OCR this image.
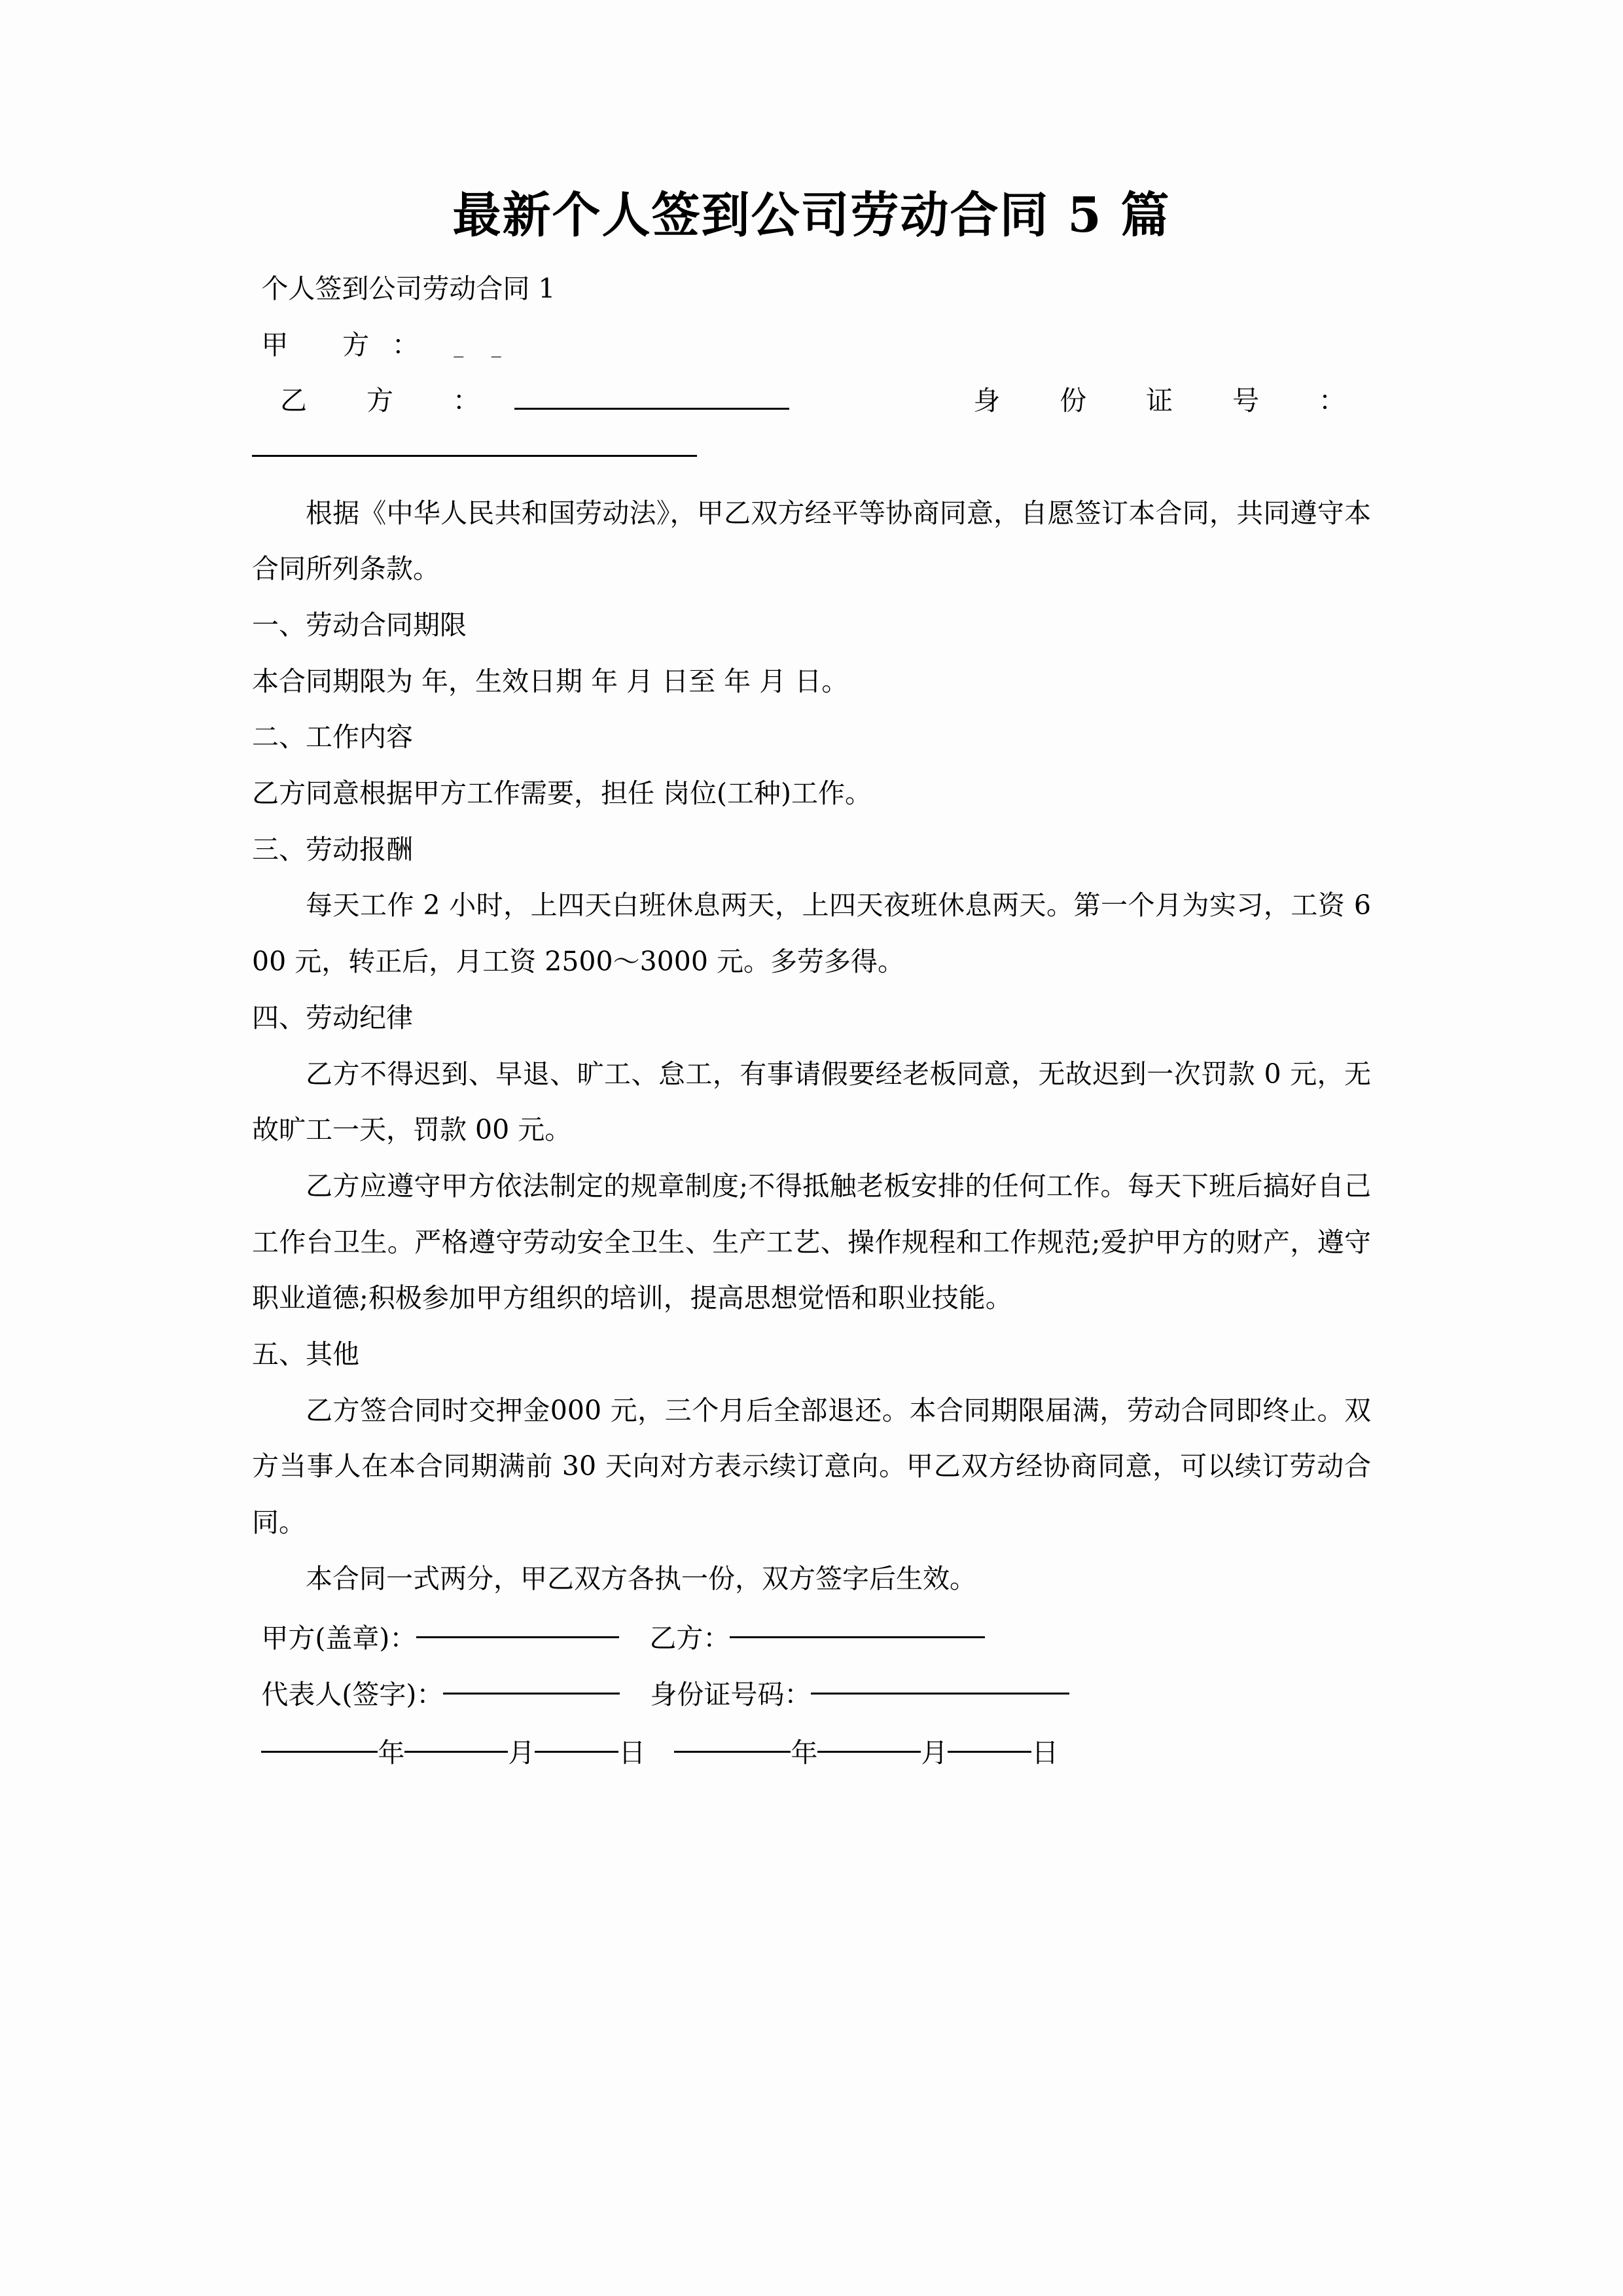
最新个人签到公司劳动合同 5 篇

个人签到公司劳动合同 1

甲 方： _ _

乙 方 ：	身 份 证 号 ：

根据《中华人民共和国劳动法》，甲乙双方经平等协商同意，自愿签订本合同，共同遵守本合同所列条款。

一、劳动合同期限

本合同期限为 年，生效日期 年 月 日至 年 月 日。

二、工作内容

乙方同意根据甲方工作需要，担任 岗位(工种)工作。

三、劳动报酬

每天工作 2 小时，上四天白班休息两天，上四天夜班休息两天。第一个月为实习，工资 600 元，转正后，月工资 2500～3000 元。多劳多得。

四、劳动纪律

乙方不得迟到、早退、旷工、怠工，有事请假要经老板同意，无故迟到一次罚款 0 元，无故旷工一天，罚款 00 元。

乙方应遵守甲方依法制定的规章制度;不得抵触老板安排的任何工作。每天下班后搞好自己工作台卫生。严格遵守劳动安全卫生、生产工艺、操作规程和工作规范;爱护甲方的财产，遵守职业道德;积极参加甲方组织的培训，提高思想觉悟和职业技能。

五、其他

乙方签合同时交押金000 元，三个月后全部退还。本合同期限届满，劳动合同即终止。双方当事人在本合同期满前 30 天向对方表示续订意向。甲乙双方经协商同意，可以续订劳动合同。

本合同一式两分，甲乙双方各执一份，双方签字后生效。

甲方(盖章)：	乙方：

代表人(签字)：	身份证号码：

年	月	日	年	月	日
